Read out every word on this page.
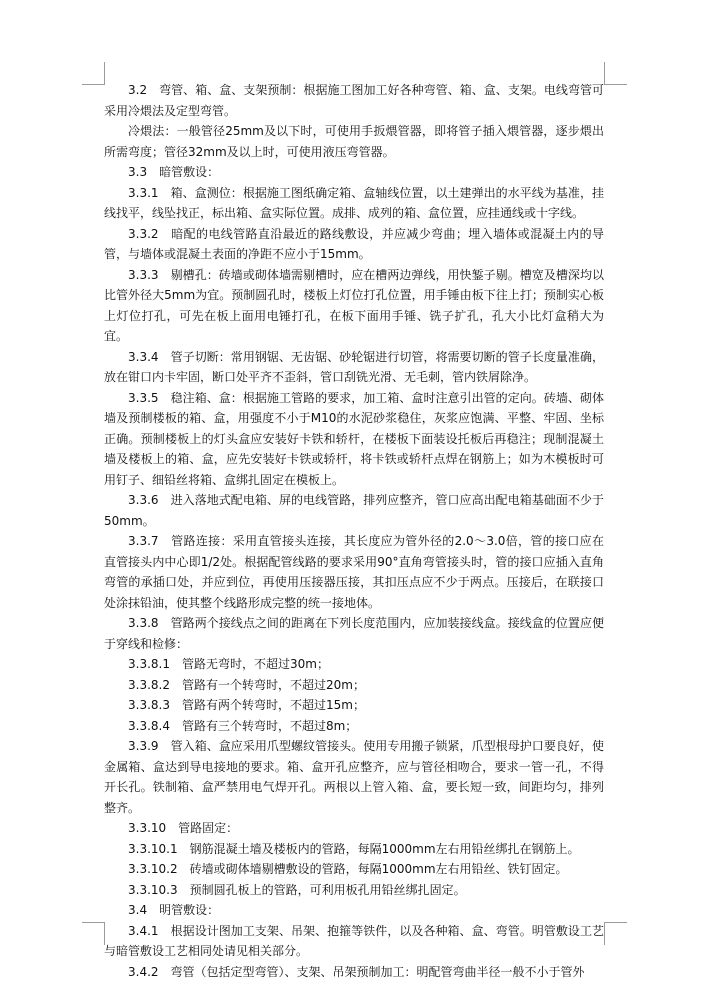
3.2　弯管、箱、盒、支架预制：根据施工图加工好各种弯管、箱、盒、支架。电线弯管可采用冷煨法及定型弯管。

冷煨法：一般管径25mm及以下时，可使用手扳煨管器，即将管子插入煨管器，逐步煨出所需弯度；管径32mm及以上时，可使用液压弯管器。

3.3　暗管敷设：

3.3.1　箱、盒测位：根据施工图纸确定箱、盒轴线位置，以土建弹出的水平线为基准，挂线找平，线坠找正，标出箱、盒实际位置。成排、成列的箱、盒位置，应挂通线或十字线。

3.3.2　暗配的电线管路直沿最近的路线敷设，并应减少弯曲；埋入墙体或混凝土内的导管，与墙体或混凝土表面的净距不应小于15mm。

3.3.3　剔槽孔：砖墙或砌体墙需剔槽时，应在槽两边弹线，用快錾子剔。槽宽及槽深均以比管外径大5mm为宜。预制圆孔时，楼板上灯位打孔位置，用手锤由板下往上打；预制实心板上灯位打孔，可先在板上面用电锤打孔，在板下面用手锤、铣子扩孔，孔大小比灯盒稍大为宜。

3.3.4　管子切断：常用钢锯、无齿锯、砂轮锯进行切管，将需要切断的管子长度量准确，放在钳口内卡牢固，断口处平齐不歪斜，管口刮铣光滑、无毛刺，管内铁屑除净。

3.3.5　稳注箱、盒：根据施工管路的要求，加工箱、盒时注意引出管的定向。砖墙、砌体墙及预制楼板的箱、盒，用强度不小于M10的水泥砂浆稳住，灰浆应饱满、平整、牢固、坐标正确。预制楼板上的灯头盒应安装好卡铁和轿杆，在楼板下面装设托板后再稳注；现制混凝土墙及楼板上的箱、盒，应先安装好卡铁或轿杆，将卡铁或轿杆点焊在钢筋上；如为木模板时可用钉子、细铅丝将箱、盒绑扎固定在模板上。

3.3.6　进入落地式配电箱、屏的电线管路，排列应整齐，管口应高出配电箱基础面不少于50mm。

3.3.7　管路连接：采用直管接头连接，其长度应为管外径的2.0～3.0倍，管的接口应在直管接头内中心即1/2处。根据配管线路的要求采用90°直角弯管接头时，管的接口应插入直角弯管的承插口处，并应到位，再使用压接器压接，其扣压点应不少于两点。压接后，在联接口处涂抹铅油，使其整个线路形成完整的统一接地体。

3.3.8　管路两个接线点之间的距离在下列长度范围内，应加装接线盒。接线盒的位置应便于穿线和检修：

3.3.8.1　管路无弯时，不超过30m；

3.3.8.2　管路有一个转弯时，不超过20m；

3.3.8.3　管路有两个转弯时，不超过15m；

3.3.8.4　管路有三个转弯时，不超过8m；

3.3.9　管入箱、盒应采用爪型螺纹管接头。使用专用搬子锁紧，爪型根母护口要良好，使金属箱、盒达到导电接地的要求。箱、盒开孔应整齐，应与管径相吻合，要求一管一孔，不得开长孔。铁制箱、盒严禁用电气焊开孔。两根以上管入箱、盒，要长短一致，间距均匀，排列整齐。

3.3.10　管路固定：

3.3.10.1　钢筋混凝土墙及楼板内的管路，每隔1000mm左右用铅丝绑扎在钢筋上。

3.3.10.2　砖墙或砌体墙剔槽敷设的管路，每隔1000mm左右用铅丝、铁钉固定。

3.3.10.3　预制圆孔板上的管路，可利用板孔用铅丝绑扎固定。

3.4　明管敷设：

3.4.1　根据设计图加工支架、吊架、抱箍等铁件，以及各种箱、盒、弯管。明管敷设工艺与暗管敷设工艺相同处请见相关部分。

3.4.2　弯管（包括定型弯管）、支架、吊架预制加工：明配管弯曲半径一般不小于管外
